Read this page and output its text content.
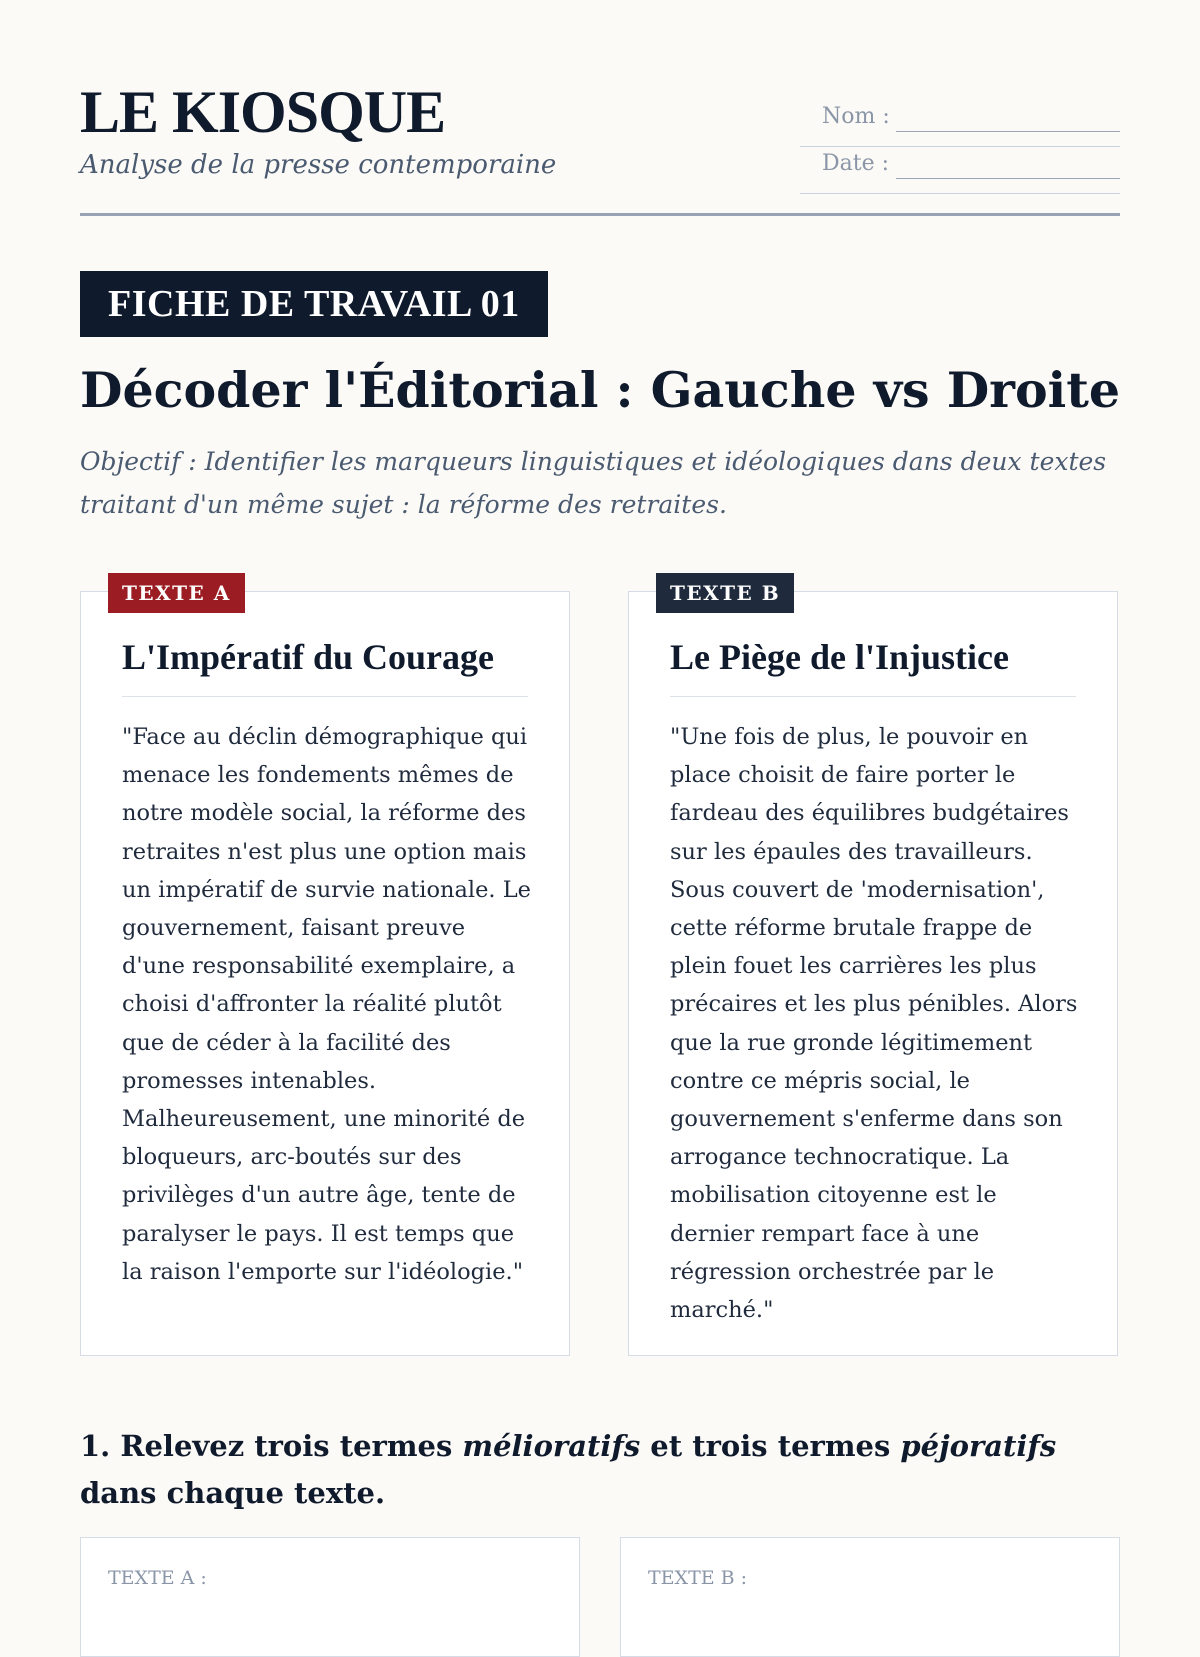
LE KIOSQUE
Analyse de la presse contemporaine
Nom :
Date :
FICHE DE TRAVAIL 01
Décoder l'Éditorial : Gauche vs Droite

Objectif : Identifier les marqueurs linguistiques et idéologiques dans deux textes traitant d'un même sujet : la réforme des retraites.

TEXTE A
L'Impératif du Courage

"Face au déclin démographique qui menace les fondements mêmes de notre modèle social, la réforme des retraites n'est plus une option mais un impératif de survie nationale. Le gouvernement, faisant preuve d'une responsabilité exemplaire, a choisi d'affronter la réalité plutôt que de céder à la facilité des promesses intenables. Malheureusement, une minorité de bloqueurs, arc-boutés sur des privilèges d'un autre âge, tente de paralyser le pays. Il est temps que la raison l'emporte sur l'idéologie."

TEXTE B
Le Piège de l'Injustice

"Une fois de plus, le pouvoir en place choisit de faire porter le fardeau des équilibres budgétaires sur les épaules des travailleurs. Sous couvert de 'modernisation', cette réforme brutale frappe de plein fouet les carrières les plus précaires et les plus pénibles. Alors que la rue gronde légitimement contre ce mépris social, le gouvernement s'enferme dans son arrogance technocratique. La mobilisation citoyenne est le dernier rempart face à une régression orchestrée par le marché."

1. Relevez trois termes mélioratifs et trois termes péjoratifs dans chaque texte.

TEXTE A :	TEXTE B :
